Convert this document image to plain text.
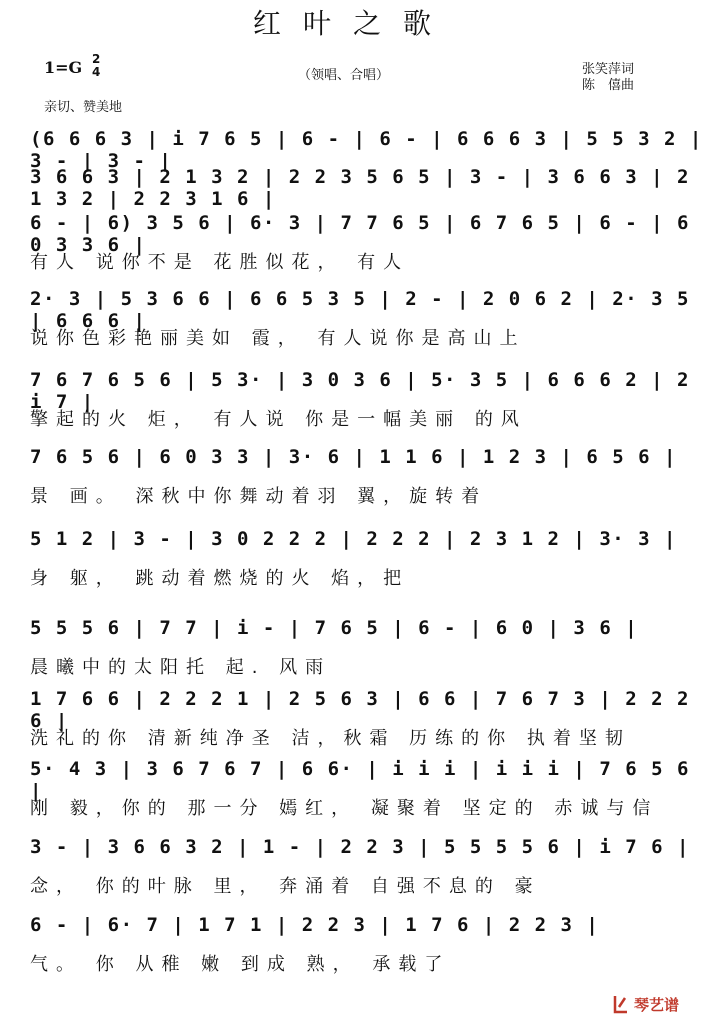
红叶之歌
1=G 2
4	（领唱、合唱）	张笑萍词
陈　僖曲
亲切、赞美地
(6 6 6 3 | i 7 6 5 | 6 - | 6 - | 6 6 6 3 | 5 5 3 2 | 3 - | 3 - |
3 6 6 3 | 2 1 3 2 | 2 2 3 5 6 5 | 3 - | 3 6 6 3 | 2 1 3 2 | 2 2 3 1 6 |
6 - | 6) 3 5 6 | 6· 3 | 7 7 6 5 | 6 7 6 5 | 6 - | 6 0 3 3 6 |
有人 说你不是 花胜似花， 有人
2· 3 | 5 3 6 6 | 6 6 5 3 5 | 2 - | 2 0 6 2 | 2· 3 5 | 6 6 6 |
说你色彩艳丽美如 霞， 有人说你是高山上
7 6 7 6 5 6 | 5 3· | 3 0 3 6 | 5· 3 5 | 6 6 6 2 | 2 i 7 |
擎起的火 炬， 有人说 你是一幅美丽 的风
7 6 5 6 | 6 0 3 3 | 3· 6 | 1 1 6 | 1 2 3 | 6 5 6 |
景 画。 深秋中你舞动着羽 翼，旋转着
5 1 2 | 3 - | 3 0 2 2 2 | 2 2 2 | 2 3 1 2 | 3· 3 |
身 躯， 跳动着燃烧的火 焰，把
5 5 5 6 | 7 7 | i - | 7 6 5 | 6 - | 6 0 | 3 6 |
晨曦中的太阳托 起. 风雨
1 7 6 6 | 2 2 2 1 | 2 5 6 3 | 6 6 | 7 6 7 3 | 2 2 2 6 |
洗礼的你 清新纯净圣 洁，秋霜 历练的你 执着坚韧
5· 4 3 | 3 6 7 6 7 | 6 6· | i i i | i i i | 7 6 5 6 |
刚 毅，你的 那一分 嫣红， 凝聚着 坚定的 赤诚与信
3 - | 3 6 6 3 2 | 1 - | 2 2 3 | 5 5 5 5 6 | i 7 6 |
念， 你的叶脉 里， 奔涌着 自强不息的 豪
6 - | 6· 7 | 1 7 1 | 2 2 3 | 1 7 6 | 2 2 3 |
气。 你 从稚 嫩 到成 熟， 承载了
琴艺谱
